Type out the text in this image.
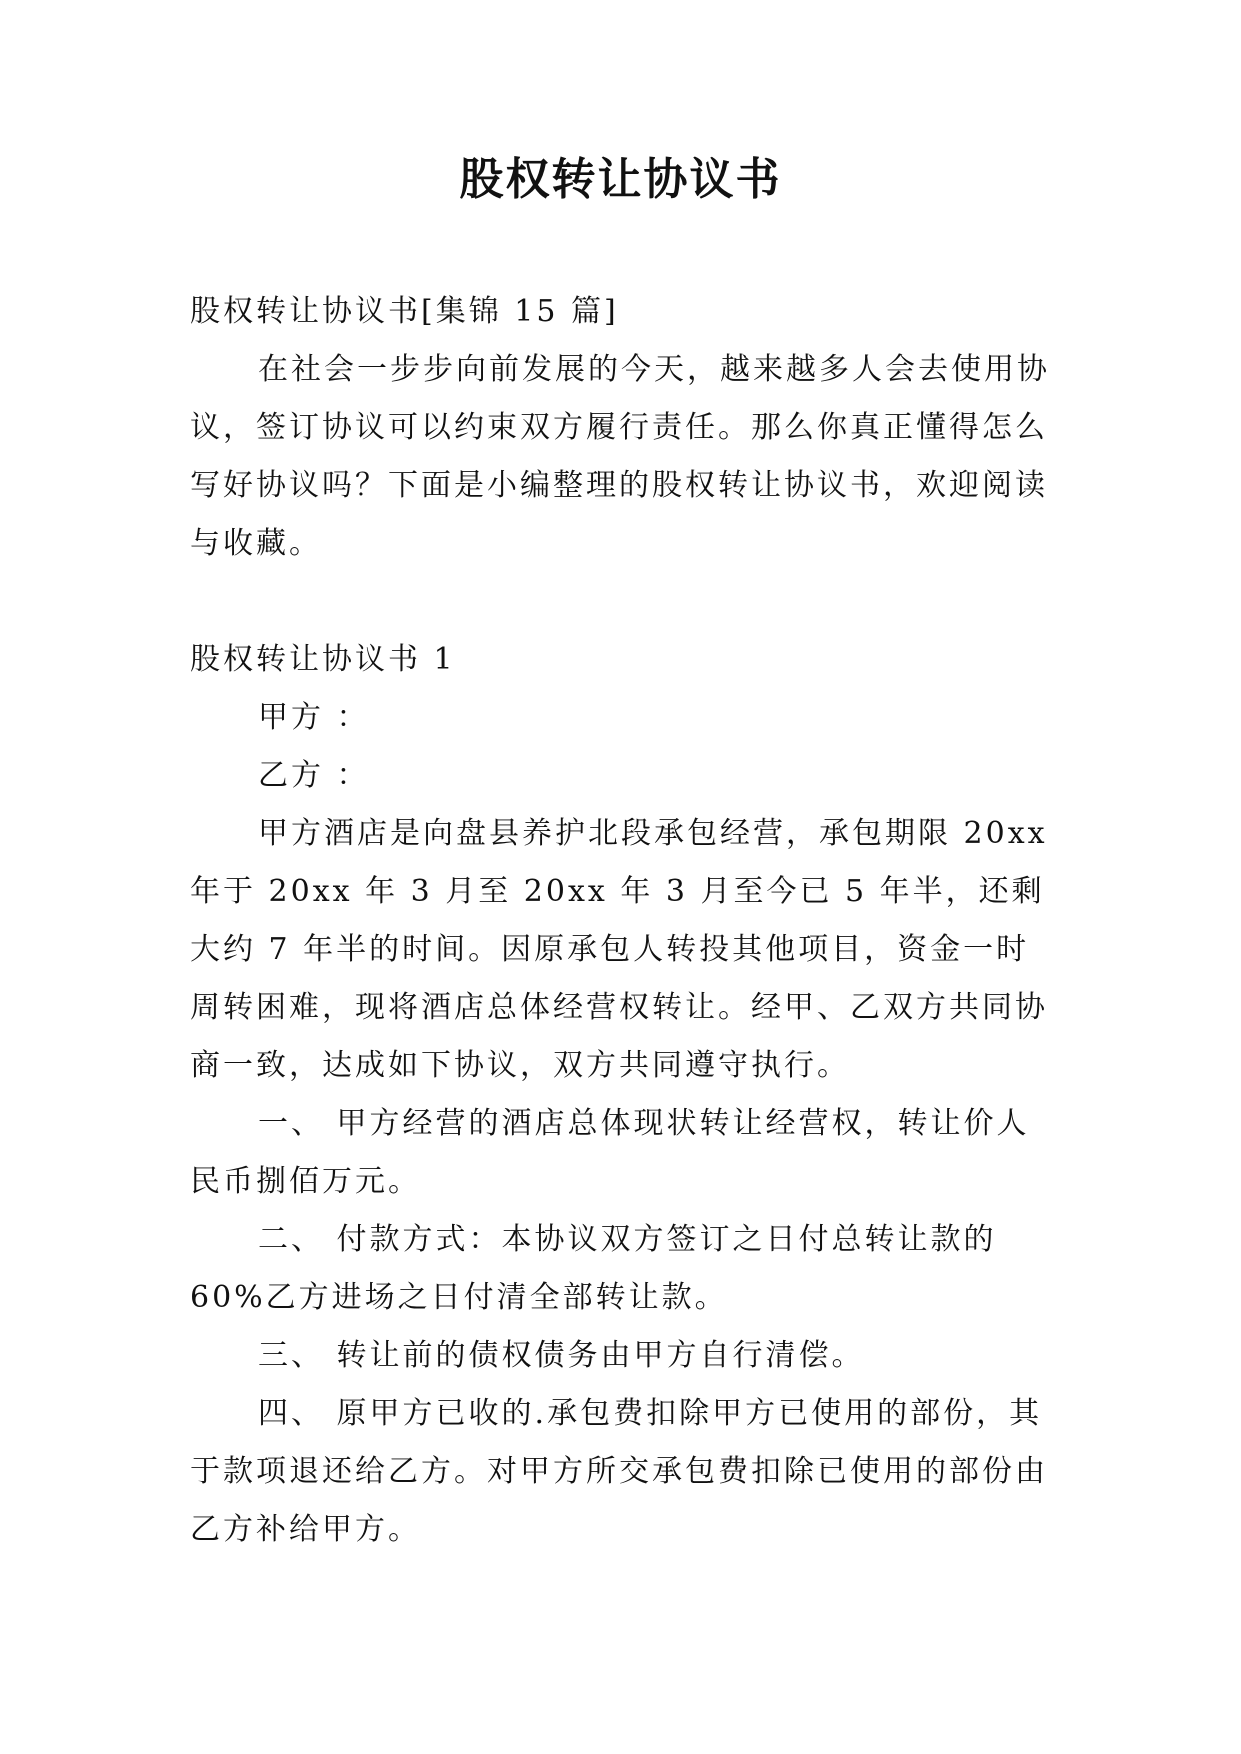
股权转让协议书

股权转让协议书[集锦 15 篇]

在社会一步步向前发展的今天，越来越多人会去使用协议，签订协议可以约束双方履行责任。那么你真正懂得怎么写好协议吗？下面是小编整理的股权转让协议书，欢迎阅读与收藏。

股权转让协议书 1

甲方 ：

乙方 ：

甲方酒店是向盘县养护北段承包经营，承包期限 20xx 年于 20xx 年 3 月至 20xx 年 3 月至今已 5 年半，还剩大约 7 年半的时间。因原承包人转投其他项目，资金一时周转困难，现将酒店总体经营权转让。经甲、乙双方共同协商一致，达成如下协议，双方共同遵守执行。

一、 甲方经营的酒店总体现状转让经营权，转让价人民币捌佰万元。

二、 付款方式：本协议双方签订之日付总转让款的 60%乙方进场之日付清全部转让款。

三、 转让前的债权债务由甲方自行清偿。

四、 原甲方已收的.承包费扣除甲方已使用的部份，其于款项退还给乙方。对甲方所交承包费扣除已使用的部份由乙方补给甲方。
